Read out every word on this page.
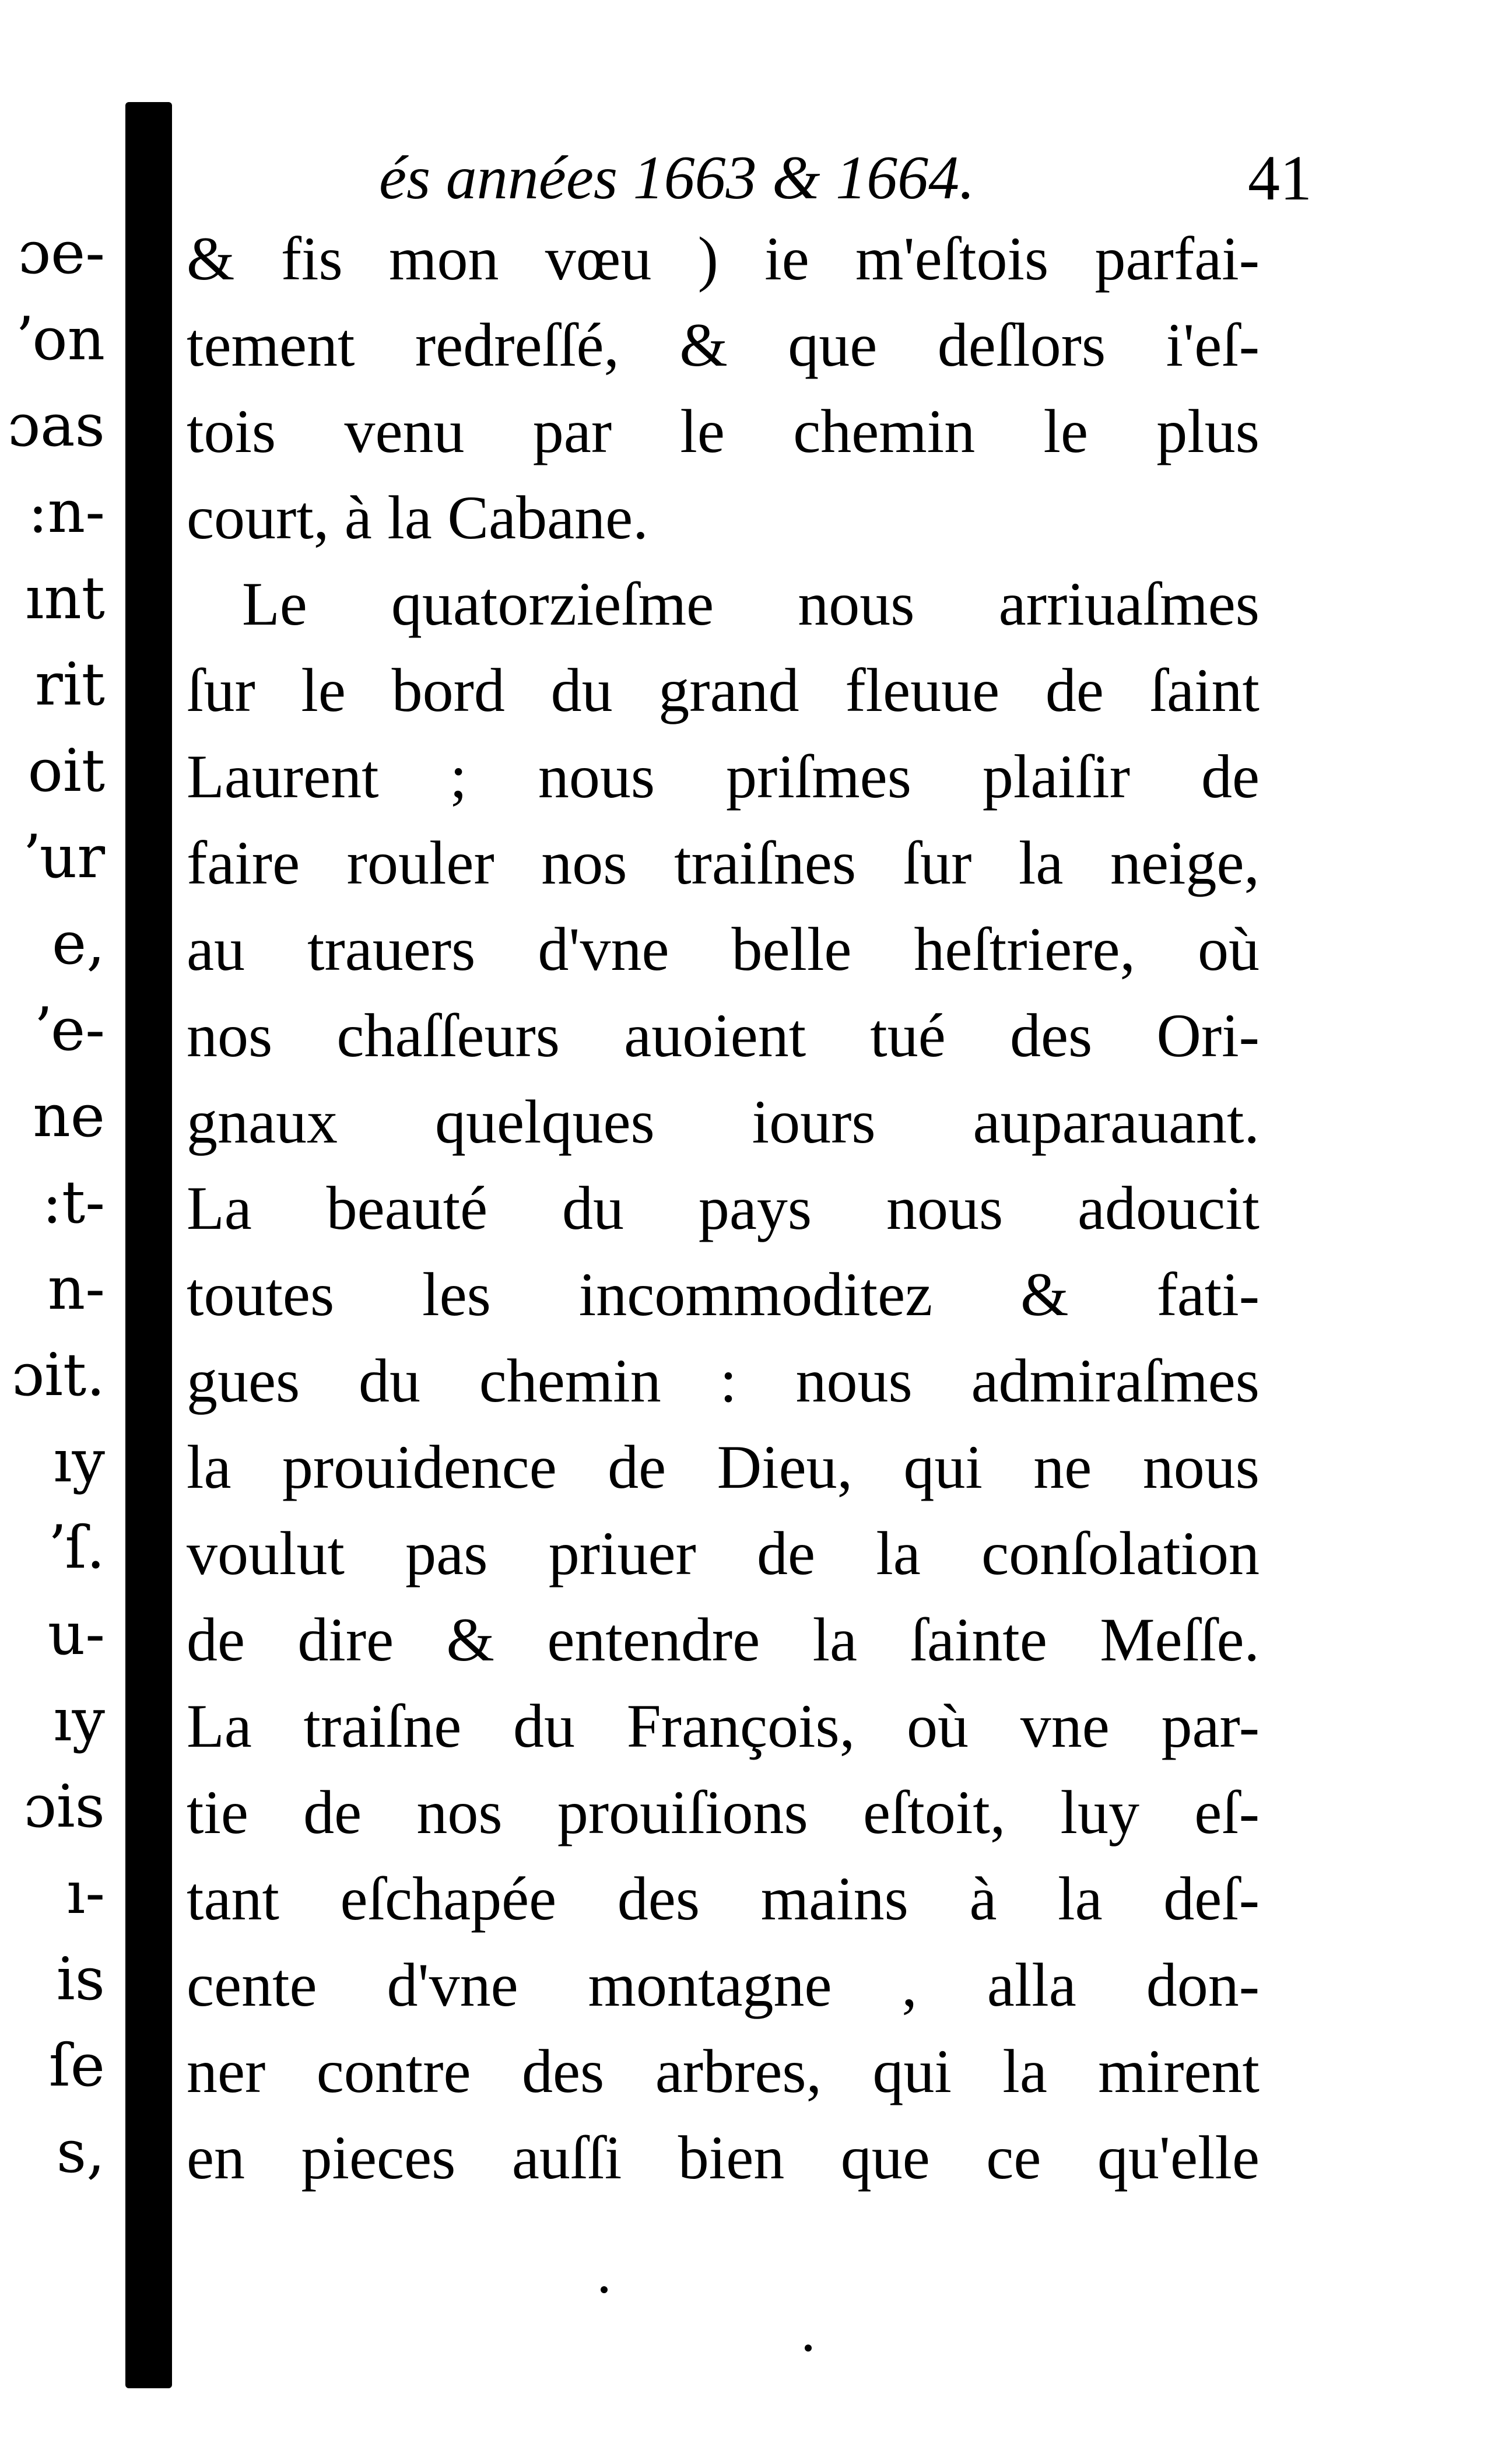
ɔe-
ʼon
ɔas
:n-
ınt
rit
oit
ʼur
e,
ʼe-
ne
:t-
n-
ɔit.
ıy
ʼſ.
u-
ıy
ɔis
ı-
is
ſe
s,
és années 1663 & 1664.	41
& fis mon vœu ) ie m'eſtois parfai-
tement redreſſé, & que deſlors i'eſ-
tois venu par le chemin le plus
court, à la Cabane.
Le quatorzieſme nous arriuaſmes
ſur le bord du grand fleuue de ſaint
Laurent ; nous priſmes plaiſir de
faire rouler nos traiſnes ſur la neige,
au trauers d'vne belle heſtriere, où
nos chaſſeurs auoient tué des Ori-
gnaux quelques iours auparauant.
La beauté du pays nous adoucit
toutes les incommoditez & fati-
gues du chemin : nous admiraſmes
la prouidence de Dieu, qui ne nous
voulut pas priuer de la conſolation
de dire & entendre la ſainte Meſſe.
La traiſne du François, où vne par-
tie de nos prouiſions eſtoit, luy eſ-
tant eſchapée des mains à la deſ-
cente d'vne montagne , alla don-
ner contre des arbres, qui la mirent
en pieces auſſi bien que ce qu'elle
